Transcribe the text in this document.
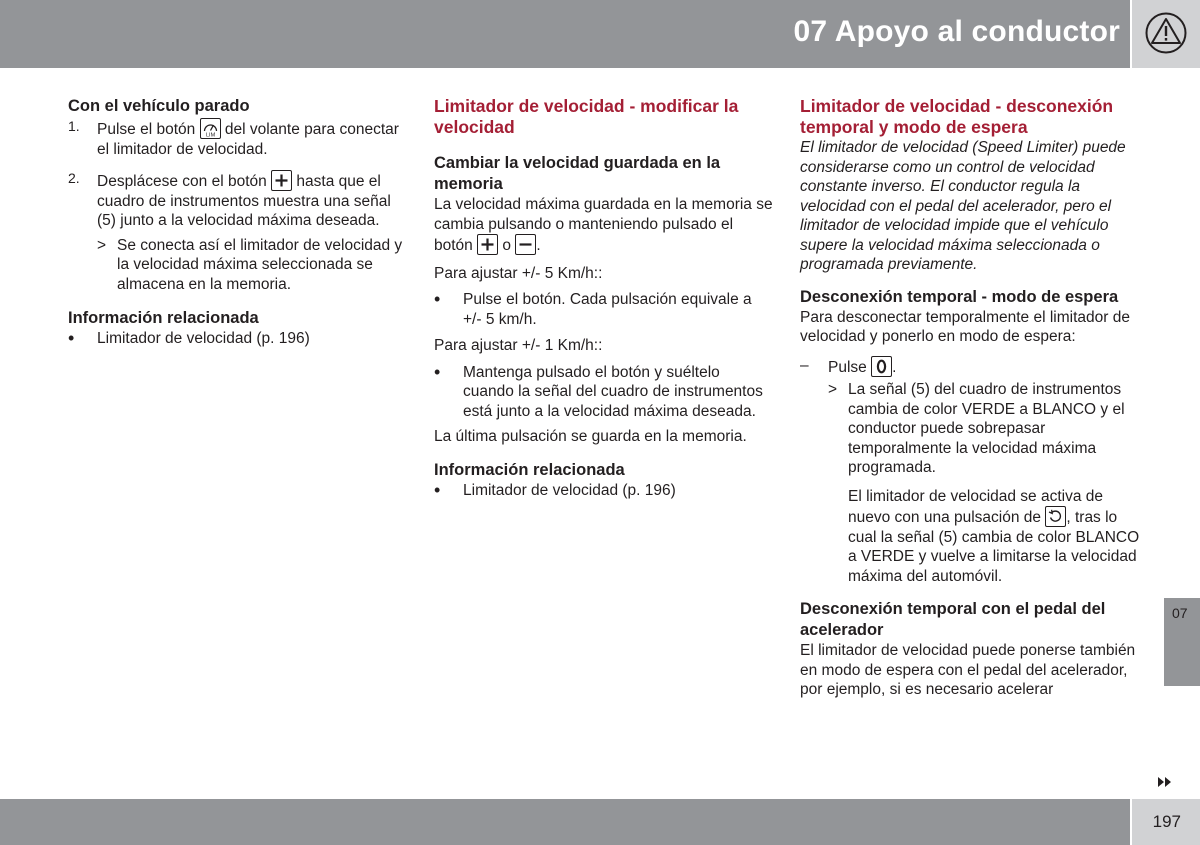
07 Apoyo al conductor
Con el vehículo parado
1.	Pulse el botón LIM del volante para conectar el limitador de velocidad.
2.	Desplácese con el botón hasta que el cuadro de instrumentos muestra una señal (5) junto a la velocidad máxima deseada.
> Se conecta así el limitador de velocidad y la velocidad máxima seleccionada se almacena en la memoria.
Información relacionada
•	Limitador de velocidad (p. 196)
Limitador de velocidad - modificar la velocidad
Cambiar la velocidad guardada en la memoria

La velocidad máxima guardada en la memoria se cambia pulsando o manteniendo pulsado el botón o .

Para ajustar +/- 5 Km/h::

•	Pulse el botón. Cada pulsación equivale a +/- 5 km/h.

Para ajustar +/- 1 Km/h::

•	Mantenga pulsado el botón y suéltelo cuando la señal del cuadro de instrumentos está junto a la velocidad máxima deseada.

La última pulsación se guarda en la memoria.

Información relacionada
•	Limitador de velocidad (p. 196)
Limitador de velocidad - desconexión temporal y modo de espera

El limitador de velocidad (Speed Limiter) puede considerarse como un control de velocidad constante inverso. El conductor regula la velocidad con el pedal del acelerador, pero el limitador de velocidad impide que el vehículo supere la velocidad máxima seleccionada o programada previamente.

Desconexión temporal - modo de espera

Para desconectar temporalmente el limitador de velocidad y ponerlo en modo de espera:

–	Pulse .
> La señal (5) del cuadro de instrumentos cambia de color VERDE a BLANCO y el conductor puede sobrepasar temporalmente la velocidad máxima programada.
El limitador de velocidad se activa de nuevo con una pulsación de , tras lo cual la señal (5) cambia de color BLANCO a VERDE y vuelve a limitarse la velocidad máxima del automóvil.
Desconexión temporal con el pedal del acelerador

El limitador de velocidad puede ponerse también en modo de espera con el pedal del acelerador, por ejemplo, si es necesario acelerar

07
197
